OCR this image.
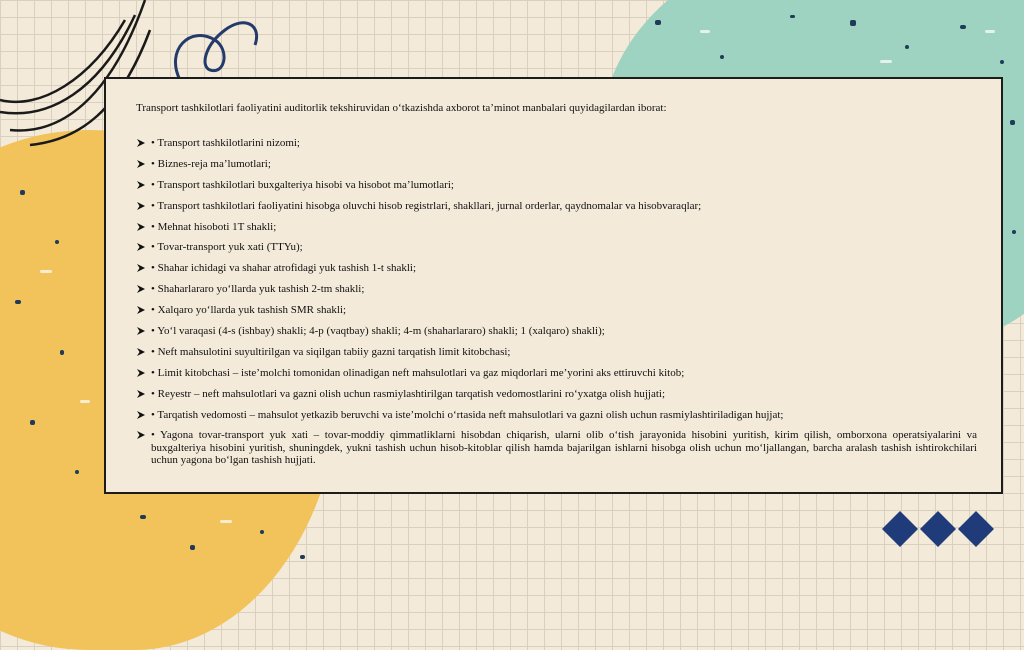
Transport tashkilotlari faoliyatini auditorlik tekshiruvidan o‘tkazishda axborot ta’minot manbalari quyidagilardan iborat:

• Transport tashkilotlarini nizomi;
• Biznes-reja ma’lumotlari;
• Transport tashkilotlari buxgalteriya hisobi va hisobot ma’lumotlari;
• Transport tashkilotlari faoliyatini hisobga oluvchi hisob registrlari, shakllari, jurnal orderlar, qaydnomalar va hisobvaraqlar;
• Mehnat hisoboti 1T shakli;
• Tovar-transport yuk xati (TTYu);
• Shahar ichidagi va shahar atrofidagi yuk tashish 1-t shakli;
• Shaharlararo yo‘llarda yuk tashish 2-tm shakli;
• Xalqaro yo‘llarda yuk tashish SMR shakli;
• Yo‘l varaqasi (4-s (ishbay) shakli; 4-p (vaqtbay) shakli; 4-m (shaharlararo) shakli; 1 (xalqaro) shakli);
• Neft mahsulotini suyultirilgan va siqilgan tabiiy gazni tarqatish limit kitobchasi;
• Limit kitobchasi – iste’molchi tomonidan olinadigan neft mahsulotlari va gaz miqdorlari me’yorini aks ettiruvchi kitob;
• Reyestr – neft mahsulotlari va gazni olish uchun rasmiylashtirilgan tarqatish vedomostlarini ro‘yxatga olish hujjati;
• Tarqatish vedomosti – mahsulot yetkazib beruvchi va iste’molchi o‘rtasida neft mahsulotlari va gazni olish uchun rasmiylashtiriladigan hujjat;
• Yagona tovar-transport yuk xati – tovar-moddiy qimmatliklarni hisobdan chiqarish, ularni olib o‘tish jarayonida hisobini yuritish, kirim qilish, omborxona operatsiyalarini va buxgalteriya hisobini yuritish, shuningdek, yukni tashish uchun hisob-kitoblar qilish hamda bajarilgan ishlarni hisobga olish uchun mo‘ljallangan, barcha aralash tashish ishtirokchilari uchun yagona bo‘lgan tashish hujjati.
